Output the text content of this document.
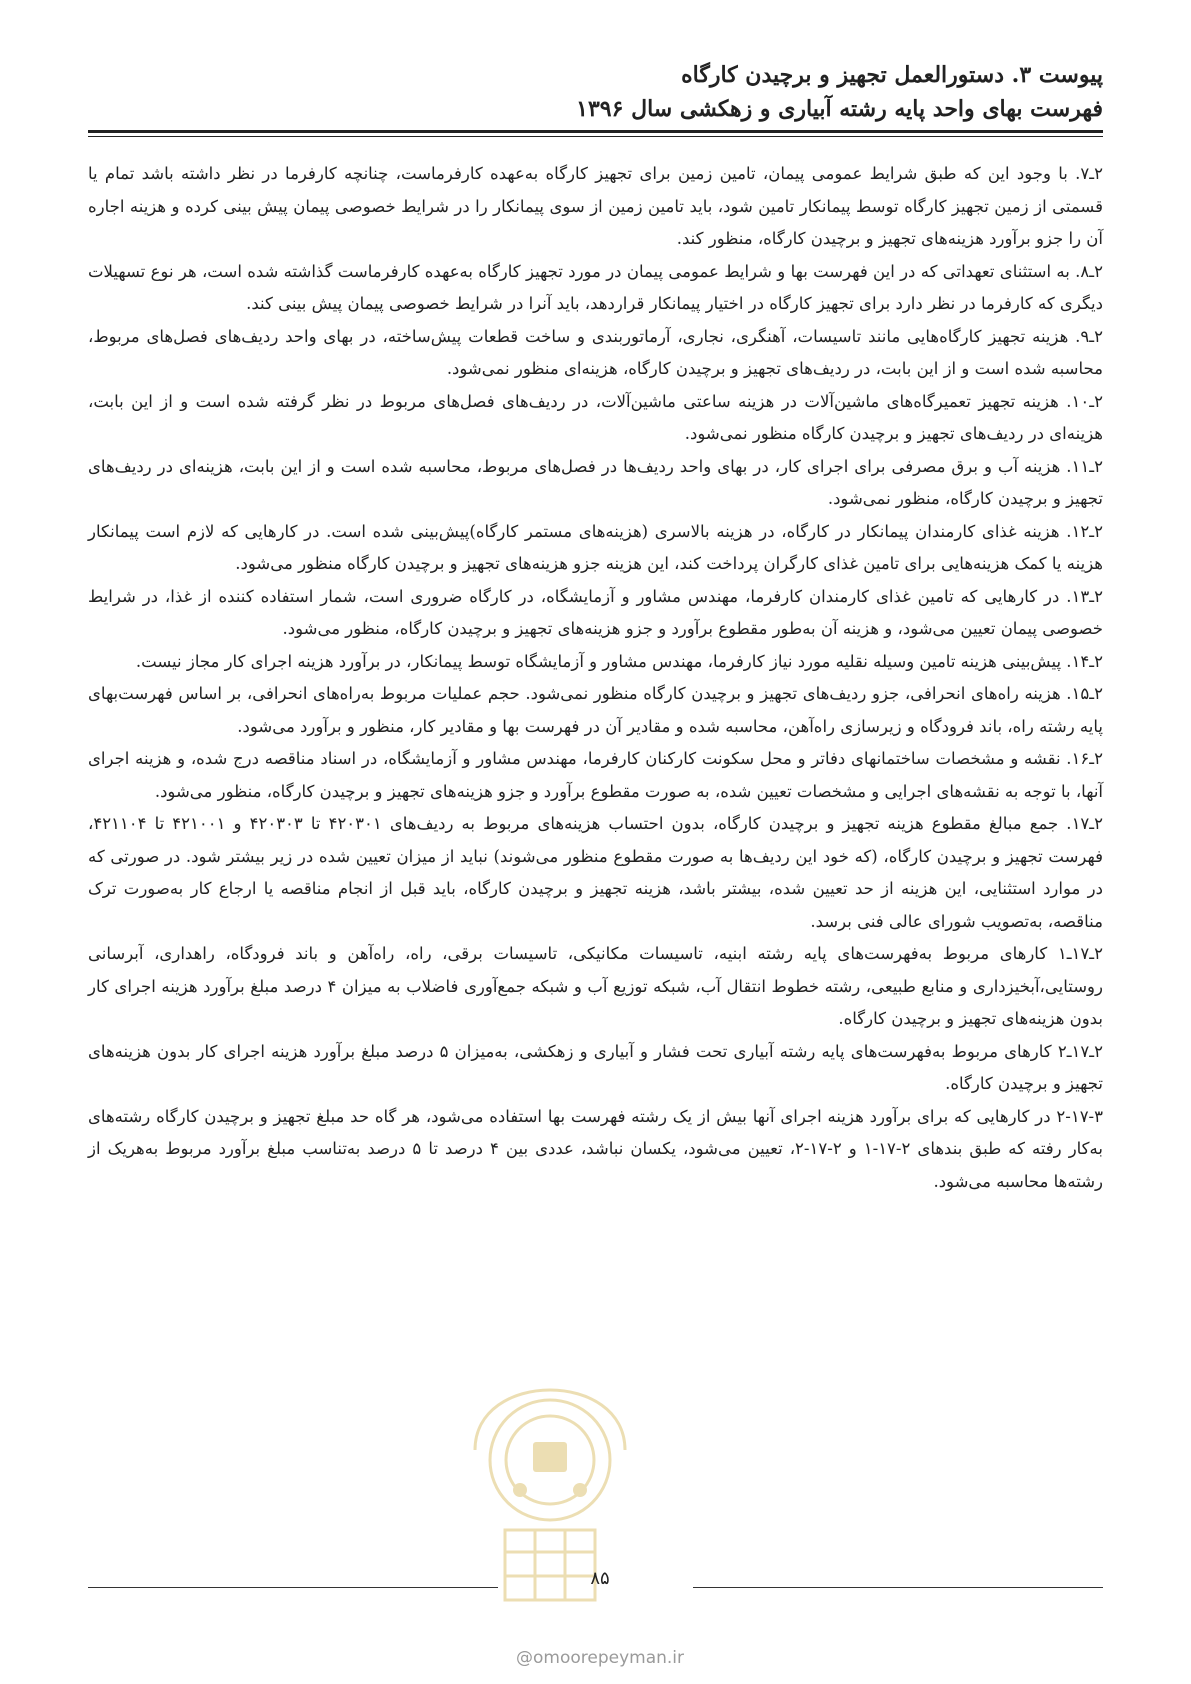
پیوست ۳. دستورالعمل تجهیز و برچیدن کارگاه
فهرست بهای واحد پایه رشته آبیاری و زهکشی سال ۱۳۹۶

۲ـ۷. با وجود این که طبق شرایط عمومی پیمان، تامین زمین برای تجهیز کارگاه به‌عهده کارفرماست، چنانچه کارفرما در نظر داشته باشد تمام یا قسمتی از زمین تجهیز کارگاه توسط پیمانکار تامین شود، باید تامین زمین از سوی پیمانکار را در شرایط خصوصی پیمان پیش بینی کرده و هزینه اجاره آن را جزو برآورد هزینه‌های تجهیز و برچیدن کارگاه، منظور کند.

۲ـ۸. به استثنای تعهداتی که در این فهرست بها و شرایط عمومی پیمان در مورد تجهیز کارگاه به‌عهده کارفرماست گذاشته شده است، هر نوع تسهیلات دیگری که کارفرما در نظر دارد برای تجهیز کارگاه در اختیار پیمانکار قراردهد، باید آنرا در شرایط خصوصی پیمان پیش بینی کند.

۲ـ۹. هزینه تجهیز کارگاه‌هایی مانند تاسیسات، آهنگری، نجاری، آرماتوربندی و ساخت قطعات پیش‌ساخته، در بهای واحد ردیف‌های فصل‌های مربوط، محاسبه شده است و از این بابت، در ردیف‌های تجهیز و برچیدن کارگاه، هزینه‌ای منظور نمی‌شود.

۲ـ۱۰. هزینه تجهیز تعمیرگاه‌های ماشین‌آلات در هزینه ساعتی ماشین‌آلات، در ردیف‌های فصل‌های مربوط در نظر گرفته شده است و از این بابت، هزینه‌ای در ردیف‌های تجهیز و برچیدن کارگاه منظور نمی‌شود.

۲ـ۱۱. هزینه آب و برق مصرفی برای اجرای کار، در بهای واحد ردیف‌ها در فصل‌های مربوط، محاسبه شده است و از این بابت، هزینه‌ای در ردیف‌های تجهیز و برچیدن کارگاه، منظور نمی‌شود.

۲ـ۱۲. هزینه غذای کارمندان پیمانکار در کارگاه، در هزینه بالاسری (هزینه‌های مستمر کارگاه)پیش‌بینی شده است. در کارهایی که لازم است پیمانکار هزینه یا کمک هزینه‌هایی برای تامین غذای کارگران پرداخت کند، این هزینه جزو هزینه‌های تجهیز و برچیدن کارگاه منظور می‌شود.

۲ـ۱۳. در کارهایی که تامین غذای کارمندان کارفرما، مهندس مشاور و آزمایشگاه، در کارگاه ضروری است، شمار استفاده کننده از غذا، در شرایط خصوصی پیمان تعیین می‌شود، و هزینه آن به‌طور مقطوع برآورد و جزو هزینه‌های تجهیز و برچیدن کارگاه، منظور می‌شود.

۲ـ۱۴. پیش‌بینی هزینه تامین وسیله نقلیه مورد نیاز کارفرما، مهندس مشاور و آزمایشگاه توسط پیمانکار، در برآورد هزینه اجرای کار مجاز نیست.

۲ـ۱۵. هزینه راه‌های انحرافی، جزو ردیف‌های تجهیز و برچیدن کارگاه منظور نمی‌شود. حجم عملیات مربوط به‌راه‌های انحرافی، بر اساس فهرست‌بهای پایه رشته راه، باند فرودگاه و زیرسازی راه‌آهن، محاسبه شده و مقادیر آن در فهرست بها و مقادیر کار، منظور و برآورد می‌شود.

۲ـ۱۶. نقشه و مشخصات ساختمانهای دفاتر و محل سکونت کارکنان کارفرما، مهندس مشاور و آزمایشگاه، در اسناد مناقصه درج شده، و هزینه اجرای آنها، با توجه به نقشه‌های اجرایی و مشخصات تعیین شده، به صورت مقطوع برآورد و جزو هزینه‌های تجهیز و برچیدن کارگاه، منظور می‌شود.

۲ـ۱۷. جمع مبالغ مقطوع هزینه تجهیز و برچیدن کارگاه، بدون احتساب هزینه‌های مربوط به ردیف‌های ۴۲۰۳۰۱ تا ۴۲۰۳۰۳ و ۴۲۱۰۰۱ تا ۴۲۱۱۰۴، فهرست تجهیز و برچیدن کارگاه، (که خود این ردیف‌ها به صورت مقطوع منظور می‌شوند) نباید از میزان تعیین شده در زیر بیشتر شود. در صورتی که در موارد استثنایی، این هزینه از حد تعیین شده، بیشتر باشد، هزینه تجهیز و برچیدن کارگاه، باید قبل از انجام مناقصه یا ارجاع کار به‌صورت ترک مناقصه، به‌تصویب شورای عالی فنی برسد.

۲ـ۱۷ـ۱ کارهای مربوط به‌فهرست‌های پایه رشته ابنیه، تاسیسات مکانیکی، تاسیسات برقی، راه، راه‌آهن و باند فرودگاه، راهداری، آبرسانی روستایی،آبخیزداری و منابع طبیعی، رشته خطوط انتقال آب، شبکه توزیع آب و شبکه جمع‌آوری فاضلاب به میزان ۴ درصد مبلغ برآورد هزینه اجرای کار بدون هزینه‌های تجهیز و برچیدن کارگاه.

۲ـ۱۷ـ۲ کارهای مربوط به‌فهرست‌های پایه رشته آبیاری تحت فشار و آبیاری و زهکشی، به‌میزان ۵ درصد مبلغ برآورد هزینه اجرای کار بدون هزینه‌های تجهیز و برچیدن کارگاه.

۲-۱۷-۳ در کارهایی که برای برآورد هزینه اجرای آنها بیش از یک رشته فهرست بها استفاده می‌شود، هر گاه حد مبلغ تجهیز و برچیدن کارگاه رشته‌های به‌کار رفته که طبق بندهای ۲-۱۷-۱ و ۲-۱۷-۲، تعیین می‌شود، یکسان نباشد، عددی بین ۴ درصد تا ۵ درصد به‌تناسب مبلغ برآورد مربوط به‌هریک از رشته‌ها محاسبه می‌شود.

۸۵
@omoorepeyman.ir
